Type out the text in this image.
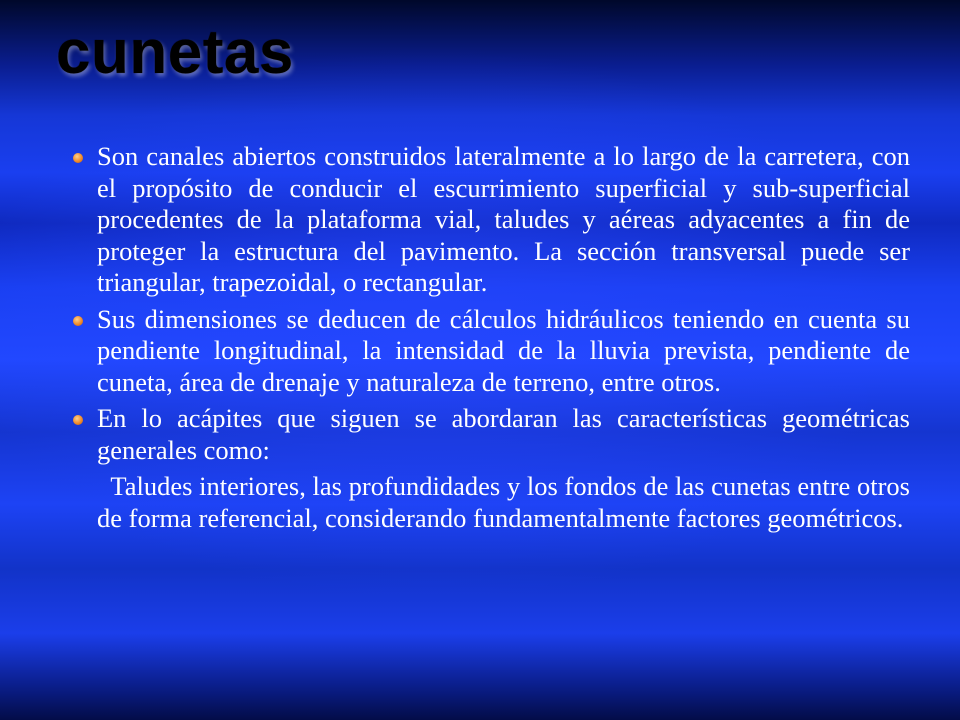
cunetas

Son canales abiertos construidos lateralmente a lo largo de la carretera, con el propósito de conducir el escurrimiento superficial y sub-superficial procedentes de la plataforma vial, taludes y aéreas adyacentes a fin de proteger la estructura del pavimento. La sección transversal puede ser triangular, trapezoidal, o rectangular.

Sus dimensiones se deducen de cálculos hidráulicos teniendo en cuenta su pendiente longitudinal, la intensidad de la lluvia prevista, pendiente de cuneta, área de drenaje y naturaleza de terreno, entre otros.

En lo acápites que siguen se abordaran las características geométricas generales como:

Taludes interiores, las profundidades y los fondos de las cunetas entre otros de forma referencial, considerando fundamentalmente factores geométricos.
